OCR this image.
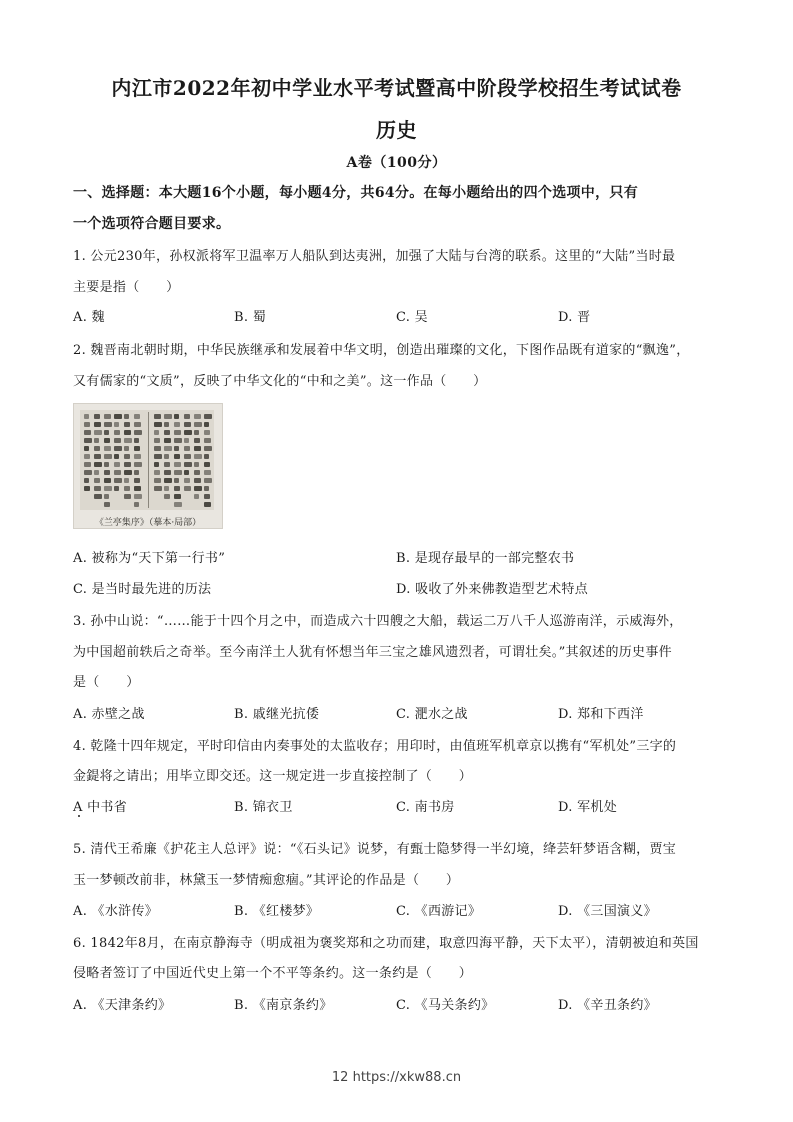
内江市2022年初中学业水平考试暨高中阶段学校招生考试试卷
历史
A卷（100分）
一、选择题：本大题16个小题，每小题4分，共64分。在每小题给出的四个选项中，只有
一个选项符合题目要求。
1. 公元230年，孙权派将军卫温率万人船队到达夷洲，加强了大陆与台湾的联系。这里的“大陆”当时最
主要是指（　　）
A. 魏	B. 蜀	C. 吴	D. 晋
2. 魏晋南北朝时期，中华民族继承和发展着中华文明，创造出璀璨的文化，下图作品既有道家的“飘逸”，
又有儒家的“文质”，反映了中华文化的“中和之美”。这一作品（　　）
《兰亭集序》（摹本·局部）
A. 被称为“天下第一行书”	B. 是现存最早的一部完整农书
C. 是当时最先进的历法	D. 吸收了外来佛教造型艺术特点
3. 孙中山说：“……能于十四个月之中，而造成六十四艘之大船，载运二万八千人巡游南洋，示威海外，
为中国超前轶后之奇举。至今南洋土人犹有怀想当年三宝之雄风遗烈者，可谓壮矣。”其叙述的历史事件
是（　　）
A. 赤壁之战	B. 戚继光抗倭	C. 淝水之战	D. 郑和下西洋
4. 乾隆十四年规定，平时印信由内奏事处的太监收存；用印时，由值班军机章京以携有“军机处”三字的
金鍉将之请出；用毕立即交还。这一规定进一步直接控制了（　　）
A 中书省	B. 锦衣卫	C. 南书房	D. 军机处
5. 清代王希廉《护花主人总评》说：“《石头记》说梦，有甄士隐梦得一半幻境，绛芸轩梦语含糊，贾宝
玉一梦顿改前非，林黛玉一梦情痴愈痼。”其评论的作品是（　　）
A. 《水浒传》	B. 《红楼梦》	C. 《西游记》	D. 《三国演义》
6. 1842年8月，在南京静海寺（明成祖为褒奖郑和之功而建，取意四海平静，天下太平），清朝被迫和英国
侵略者签订了中国近代史上第一个不平等条约。这一条约是（　　）
A. 《天津条约》	B. 《南京条约》	C. 《马关条约》	D. 《辛丑条约》
12 https://xkw88.cn
